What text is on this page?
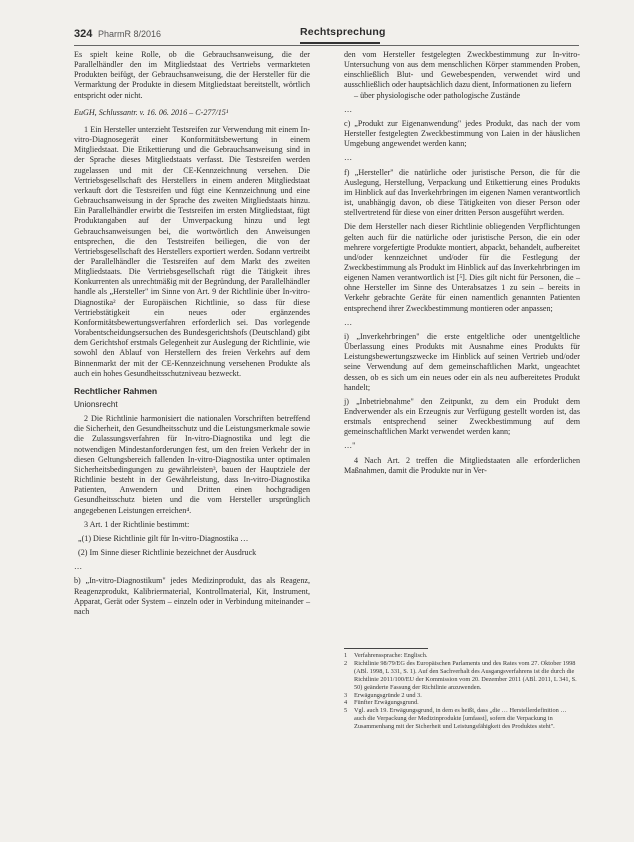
324 PharmR 8/2016	Rechtsprechung

Es spielt keine Rolle, ob die Gebrauchsanweisung, die der Parallelhändler den im Mitgliedstaat des Vertriebs vermarkteten Produkten beifügt, der Gebrauchsanweisung, die der Hersteller für die Vermarktung der Produkte in diesem Mitgliedstaat bereitstellt, wörtlich entspricht oder nicht.

EuGH, Schlussantr. v. 16. 06. 2016 – C-277/15¹

1 Ein Hersteller unterzieht Testsreifen zur Verwendung mit einem In-vitro-Diagnosegerät einer Konformitätsbewertung in einem Mitgliedstaat. Die Etikettierung und die Gebrauchsanweisung sind in der Sprache dieses Mitgliedstaats verfasst. Die Testsreifen werden zugelassen und mit der CE-Kennzeichnung versehen. Die Vertriebsgesellschaft des Herstellers in einem anderen Mitgliedstaat verkauft dort die Testsreifen und fügt eine Kennzeichnung und eine Gebrauchsanweisung in der Sprache des zweiten Mitgliedstaats hinzu. Ein Parallelhändler erwirbt die Testsreifen im ersten Mitgliedstaat, fügt Produktangaben auf der Umverpackung hinzu und legt Gebrauchsanweisungen bei, die wortwörtlich den Anweisungen entsprechen, die den Teststreifen beiliegen, die von der Vertriebsgesellschaft des Herstellers exportiert werden. Sodann vertreibt der Parallelhändler die Testsreifen auf dem Markt des zweiten Mitgliedstaats. Die Vertriebsgesellschaft rügt die Tätigkeit ihres Konkurrenten als unrechtmäßig mit der Begründung, der Parallelhändler handle als „Hersteller" im Sinne von Art. 9 der Richtlinie über In-vitro-Diagnostika² der Europäischen Richtlinie, so dass für diese Vertriebstätigkeit ein neues oder ergänzendes Konformitätsbewertungsverfahren erforderlich sei. Das vorlegende Vorabentscheidungsersuchen des Bundesgerichtshofs (Deutschland) gibt dem Gerichtshof erstmals Gelegenheit zur Auslegung der Richtlinie, wie sowohl den Ablauf von Herstellern des freien Verkehrs auf dem Binnenmarkt der mit der CE-Kennzeichnung versehenen Produkte als auch ein hohes Gesundheitsschutzniveau bezweckt.

Rechtlicher Rahmen

Unionsrecht

2 Die Richtlinie harmonisiert die nationalen Vorschriften betreffend die Sicherheit, den Gesundheitsschutz und die Leistungsmerkmale sowie die Zulassungsverfahren für In-vitro-Diagnostika und legt die notwendigen Mindestanforderungen fest, um den freien Verkehr der in diesen Geltungsbereich fallenden In-vitro-Diagnostika unter optimalen Sicherheitsbedingungen zu gewährleisten³, bauen der Hauptziele der Richtlinie besteht in der Gewährleistung, dass In-vitro-Diagnostika Patienten, Anwendern und Dritten einen hochgradigen Gesundheitsschutz bieten und die vom Hersteller ursprünglich angegebenen Leistungen erreichen⁴.

3 Art. 1 der Richtlinie bestimmt:

„(1) Diese Richtlinie gilt für In-vitro-Diagnostika …

(2) Im Sinne dieser Richtlinie bezeichnet der Ausdruck

…

b) „In-vitro-Diagnostikum" jedes Medizinprodukt, das als Reagenz, Reagenzprodukt, Kalibriermaterial, Kontrollmaterial, Kit, Instrument, Apparat, Gerät oder System – einzeln oder in Verbindung miteinander – nach

den vom Hersteller festgelegten Zweckbestimmung zur In-vitro-Untersuchung von aus dem menschlichen Körper stammenden Proben, einschließlich Blut- und Gewebespenden, verwendet wird und ausschließlich oder hauptsächlich dazu dient, Informationen zu liefern

– über physiologische oder pathologische Zustände

…

c) „Produkt zur Eigenanwendung" jedes Produkt, das nach der vom Hersteller festgelegten Zweckbestimmung von Laien in der häuslichen Umgebung angewendet werden kann;

…

f) „Hersteller" die natürliche oder juristische Person, die für die Auslegung, Herstellung, Verpackung und Etikettierung eines Produkts im Hinblick auf das Inverkehrbringen im eigenen Namen verantwortlich ist, unabhängig davon, ob diese Tätigkeiten von dieser Person oder stellvertretend für diese von einer dritten Person ausgeführt werden.

Die dem Hersteller nach dieser Richtlinie obliegenden Verpflichtungen gelten auch für die natürliche oder juristische Person, die ein oder mehrere vorgefertigte Produkte montiert, abpackt, behandelt, aufbereitet und/oder kennzeichnet und/oder für die Festlegung der Zweckbestimmung als Produkt im Hinblick auf das Inverkehrbringen im eigenen Namen verantwortlich ist [⁵]. Dies gilt nicht für Personen, die – ohne Hersteller im Sinne des Unterabsatzes 1 zu sein – bereits in Verkehr gebrachte Geräte für einen namentlich genannten Patienten entsprechend ihrer Zweckbestimmung montieren oder anpassen;

…

i) „Inverkehrbringen" die erste entgeltliche oder unentgeltliche Überlassung eines Produkts mit Ausnahme eines Produkts für Leistungsbewertungszwecke im Hinblick auf seinen Vertrieb und/oder seine Verwendung auf dem gemeinschaftlichen Markt, ungeachtet dessen, ob es sich um ein neues oder ein als neu aufbereitetes Produkt handelt;

j) „Inbetriebnahme" den Zeitpunkt, zu dem ein Produkt dem Endverwender als ein Erzeugnis zur Verfügung gestellt worden ist, das erstmals entsprechend seiner Zweckbestimmung auf dem gemeinschaftlichen Markt verwendet werden kann;

…"

4 Nach Art. 2 treffen die Mitgliedstaaten alle erforderlichen Maßnahmen, damit die Produkte nur in Ver-

1	Verfahrenssprache: Englisch.
2	Richtlinie 98/79/EG des Europäischen Parlaments und des Rates vom 27. Oktober 1998 (ABl. 1998, L 331, S. 1). Auf den Sachverhalt des Ausgangsverfahrens ist die durch die Richtlinie 2011/100/EU der Kommission vom 20. Dezember 2011 (ABl. 2011, L 341, S. 50) geänderte Fassung der Richtlinie anzuwenden.
3	Erwägungsgründe 2 und 3.
4	Fünfter Erwägungsgrund.
5	Vgl. auch 19. Erwägungsgrund, in dem es heißt, dass „die … Herstellerdefinition … auch die Verpackung der Medizinprodukte [umfasst], sofern die Verpackung in Zusammenhang mit der Sicherheit und Leistungsfähigkeit des Produktes steht".
